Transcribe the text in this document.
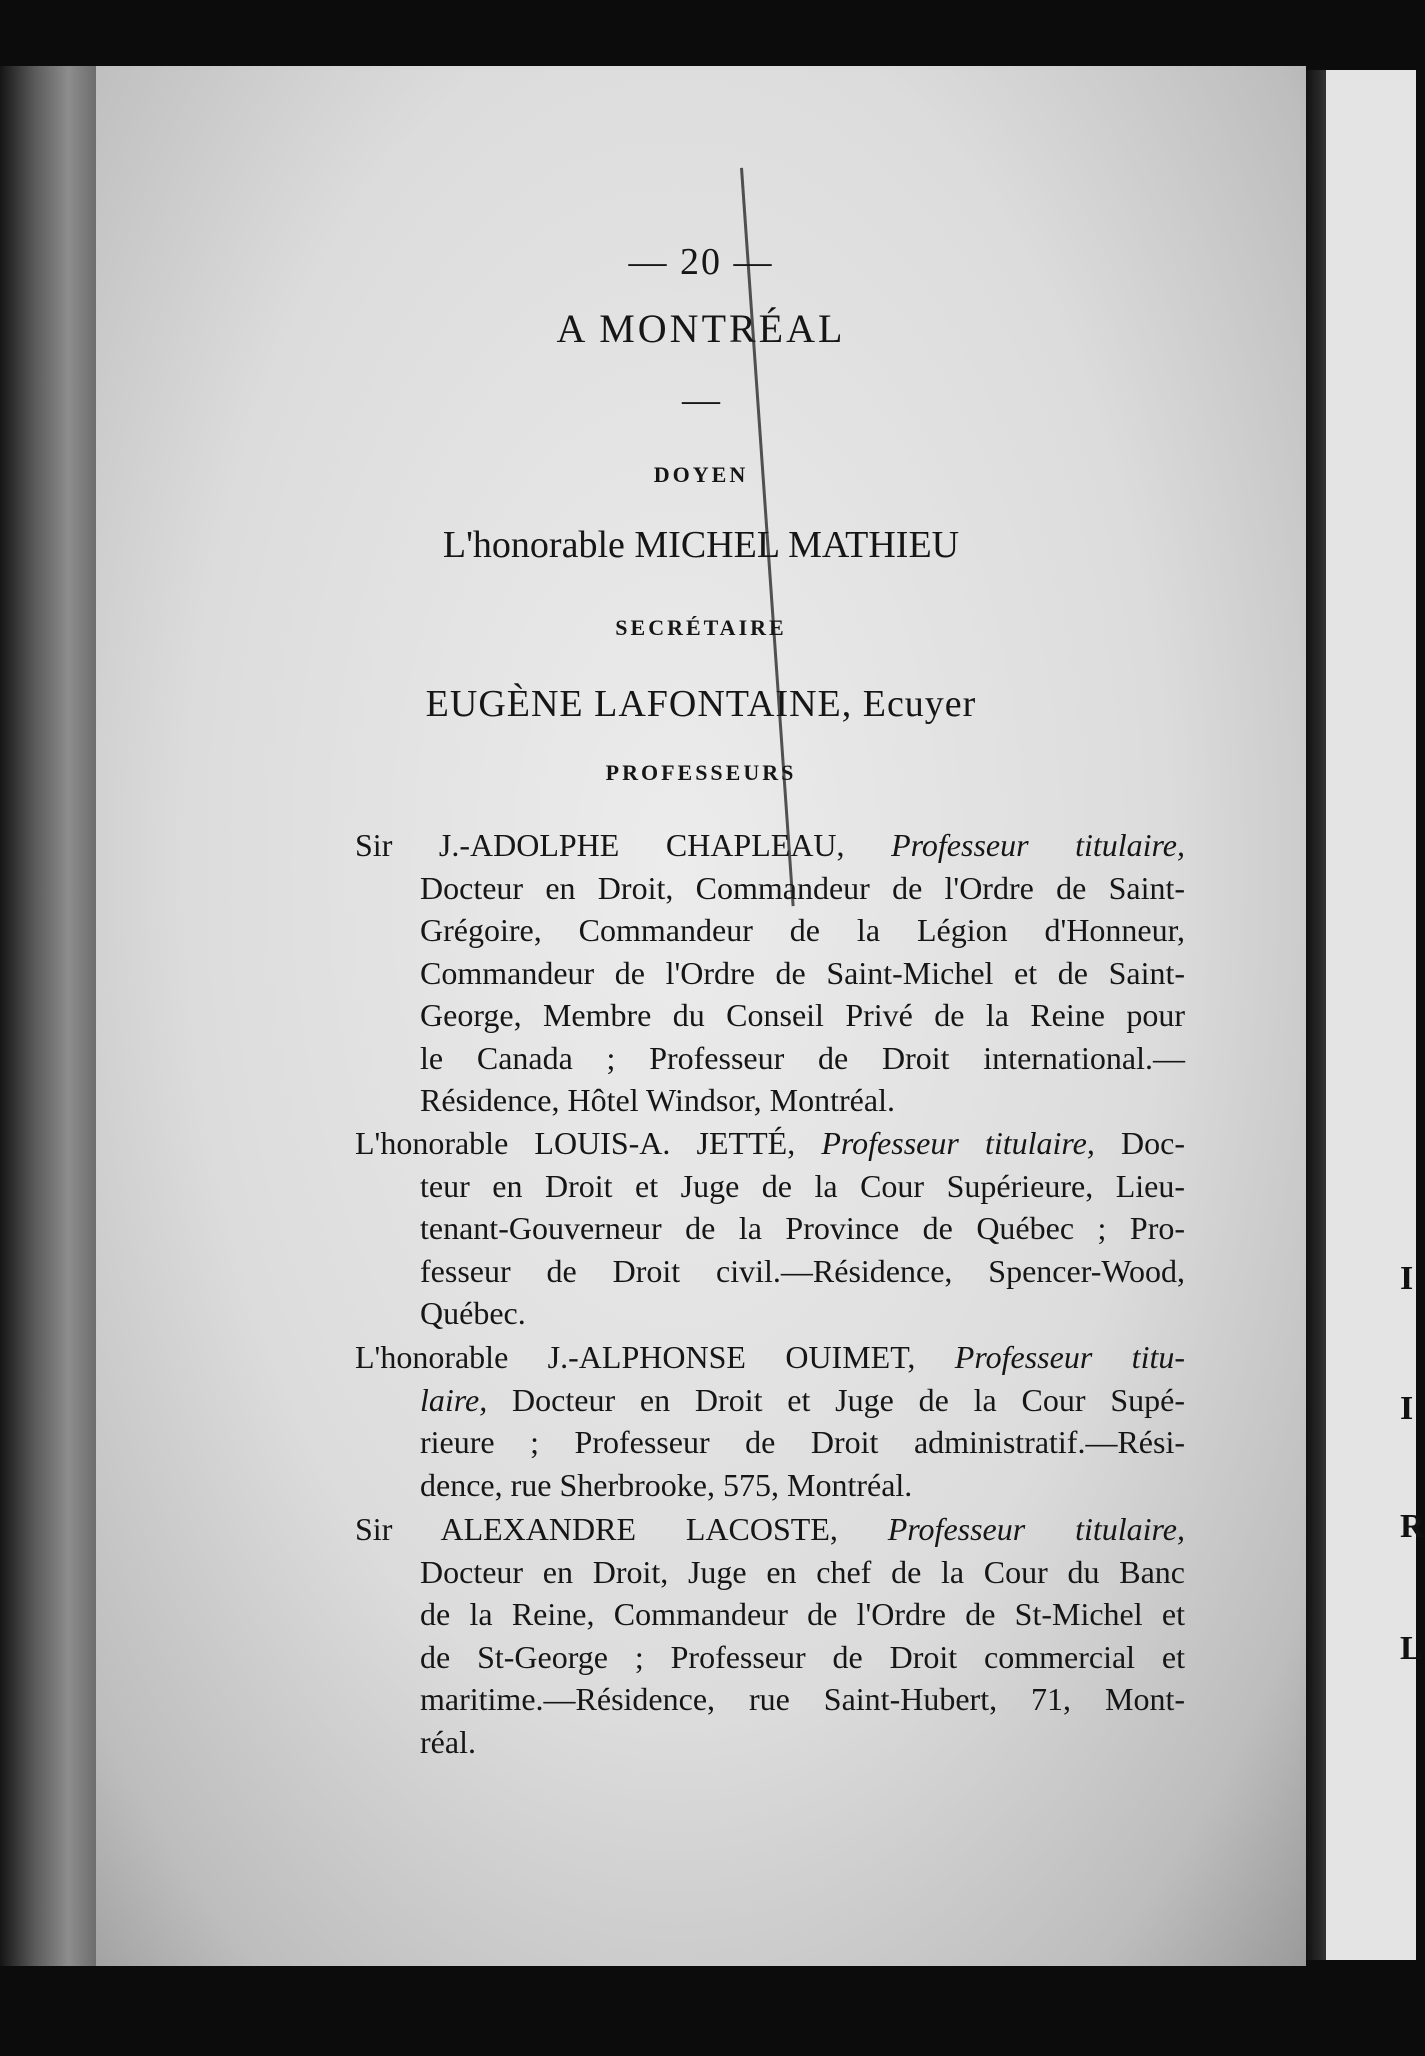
I
I
R
L
— 20 —
A MONTRÉAL
—
DOYEN
L'honorable MICHEL MATHIEU
SECRÉTAIRE
EUGÈNE LAFONTAINE, Ecuyer
PROFESSEURS
Sir J.-ADOLPHE CHAPLEAU, Professeur titulaire,
Docteur en Droit, Commandeur de l'Ordre de Saint-
Grégoire, Commandeur de la Légion d'Honneur,
Commandeur de l'Ordre de Saint-Michel et de Saint-
George, Membre du Conseil Privé de la Reine pour
le Canada ; Professeur de Droit international.—
Résidence, Hôtel Windsor, Montréal.
L'honorable LOUIS-A. JETTÉ, Professeur titulaire, Doc-
teur en Droit et Juge de la Cour Supérieure, Lieu-
tenant-Gouverneur de la Province de Québec ; Pro-
fesseur de Droit civil.—Résidence, Spencer-Wood,
Québec.
L'honorable J.-ALPHONSE OUIMET, Professeur titu-
laire, Docteur en Droit et Juge de la Cour Supé-
rieure ; Professeur de Droit administratif.—Rési-
dence, rue Sherbrooke, 575, Montréal.
Sir ALEXANDRE LACOSTE, Professeur titulaire,
Docteur en Droit, Juge en chef de la Cour du Banc
de la Reine, Commandeur de l'Ordre de St-Michel et
de St-George ; Professeur de Droit commercial et
maritime.—Résidence, rue Saint-Hubert, 71, Mont-
réal.
